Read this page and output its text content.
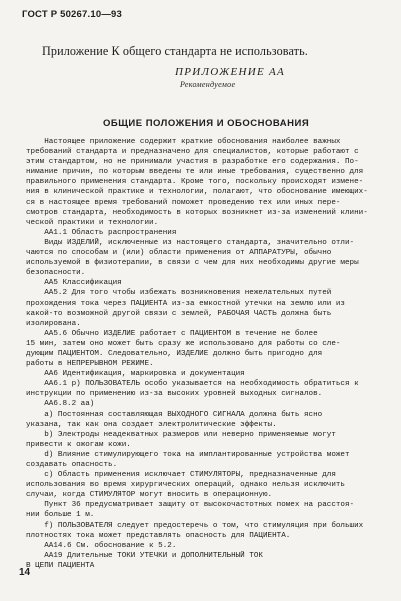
ГОСТ Р 50267.10—93
Приложение К общего стандарта не использовать.
ПРИЛОЖЕНИЕ АА
Рекомендуемое
ОБЩИЕ ПОЛОЖЕНИЯ И ОБОСНОВАНИЯ
Настоящее приложение содержит краткие обоснования наиболее важных
требований стандарта и предназначено для специалистов, которые работают с
этим стандартом, но не принимали участия в разработке его содержания. По-
нимание причин, по которым введены те или иные требования, существенно для
правильного применения стандарта. Кроме того, поскольку происходят измене-
ния в клинической практике и технологии, полагают, что обоснование имеющих-
ся в настоящее время требований поможет проведению тех или иных пере-
смотров стандарта, необходимость в которых возникнет из-за изменений клини-
ческой практики и технологии.
АА1.1 Область распространения
Виды ИЗДЕЛИЙ, исключенные из настоящего стандарта, значительно отли-
чаются по способам и (или) области применения от АППАРАТУРЫ, обычно
используемой в физиотерапии, в связи с чем для них необходимы другие меры
безопасности.
АА5 Классификация
АА5.2 Для того чтобы избежать возникновения нежелательных путей
прохождения тока через ПАЦИЕНТА из-за емкостной утечки на землю или из
какой-то возможной другой связи с землей, РАБОЧАЯ ЧАСТЬ должна быть
изолирована.
АА5.6 Обычно ИЗДЕЛИЕ работает с ПАЦИЕНТОМ в течение не более
15 мин, затем оно может быть сразу же использовано для работы со сле-
дующим ПАЦИЕНТОМ. Следовательно, ИЗДЕЛИЕ должно быть пригодно для
работы в НЕПРЕРЫВНОМ РЕЖИМЕ.
АА6 Идентификация, маркировка и документация
АА6.1 р) ПОЛЬЗОВАТЕЛЬ особо указывается на необходимость обратиться к
инструкции по применению из-за высоких уровней выходных сигналов.
АА6.8.2 аа)
а) Постоянная составляющая ВЫХОДНОГО СИГНАЛА должна быть ясно
указана, так как она создает электролитические эффекты.
b) Электроды неадекватных размеров или неверно применяемые могут
привести к ожогам кожи.
d) Влияние стимулирующего тока на имплантированные устройства может
создавать опасность.
с) Область применения исключает СТИМУЛЯТОРЫ, предназначенные для
использования во время хирургических операций, однако нельзя исключить
случаи, когда СТИМУЛЯТОР могут вносить в операционную.
Пункт 36 предусматривает защиту от высокочастотных помех на расстоя-
нии больше 1 м.
f) ПОЛЬЗОВАТЕЛЯ следует предостеречь о том, что стимуляция при больших
плотностях тока может представлять опасность для ПАЦИЕНТА.
АА14.6 См. обоснование к 5.2.
АА19 Длительные ТОКИ УТЕЧКИ и ДОПОЛНИТЕЛЬНЫЙ ТОК
В ЦЕПИ ПАЦИЕНТА
14
